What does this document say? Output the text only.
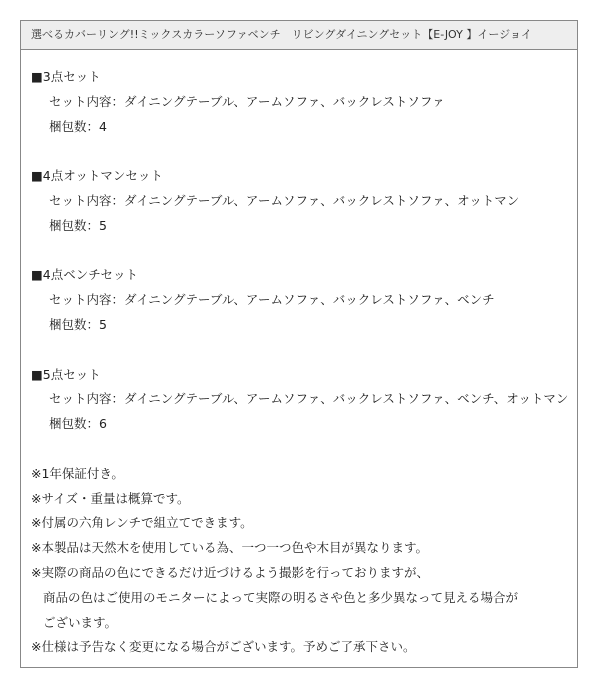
選べるカバーリング!!ミックスカラーソファベンチ　リビングダイニングセット【E-JOY 】イージョイ
■3点セット
セット内容：ダイニングテーブル、アームソファ、バックレストソファ
梱包数：4
■4点オットマンセット
セット内容：ダイニングテーブル、アームソファ、バックレストソファ、オットマン
梱包数：5
■4点ベンチセット
セット内容：ダイニングテーブル、アームソファ、バックレストソファ、ベンチ
梱包数：5
■5点セット
セット内容：ダイニングテーブル、アームソファ、バックレストソファ、ベンチ、オットマン
梱包数：6
※1年保証付き。
※サイズ・重量は概算です。
※付属の六角レンチで組立てできます。
※本製品は天然木を使用している為、一つ一つ色や木目が異なります。
※実際の商品の色にできるだけ近づけるよう撮影を行っておりますが、
商品の色はご使用のモニターによって実際の明るさや色と多少異なって見える場合が
ございます。
※仕様は予告なく変更になる場合がございます。予めご了承下さい。
